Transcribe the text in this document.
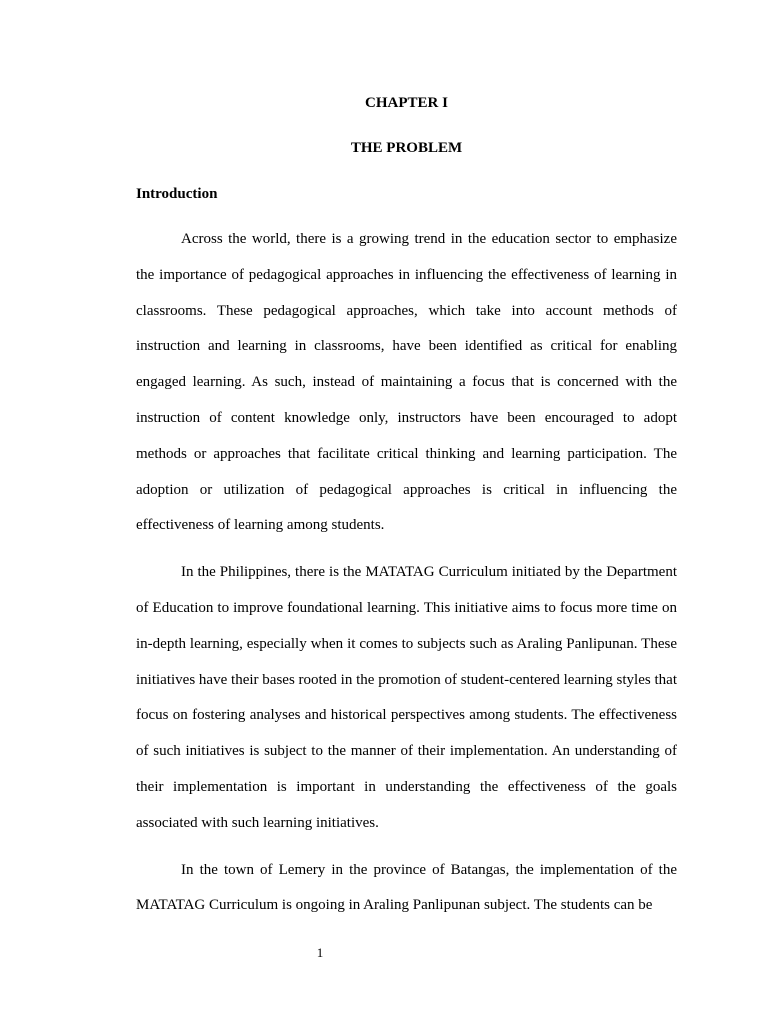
CHAPTER I
THE PROBLEM
Introduction

Across the world, there is a growing trend in the education sector to emphasize the importance of pedagogical approaches in influencing the effectiveness of learning in classrooms. These pedagogical approaches, which take into account methods of instruction and learning in classrooms, have been identified as critical for enabling engaged learning. As such, instead of maintaining a focus that is concerned with the instruction of content knowledge only, instructors have been encouraged to adopt methods or approaches that facilitate critical thinking and learning participation. The adoption or utilization of pedagogical approaches is critical in influencing the effectiveness of learning among students.

In the Philippines, there is the MATATAG Curriculum initiated by the Department of Education to improve foundational learning. This initiative aims to focus more time on in-depth learning, especially when it comes to subjects such as Araling Panlipunan. These initiatives have their bases rooted in the promotion of student-centered learning styles that focus on fostering analyses and historical perspectives among students. The effectiveness of such initiatives is subject to the manner of their implementation. An understanding of their implementation is important in understanding the effectiveness of the goals associated with such learning initiatives.

In the town of Lemery in the province of Batangas, the implementation of the MATATAG Curriculum is ongoing in Araling Panlipunan subject. The students can be

1
